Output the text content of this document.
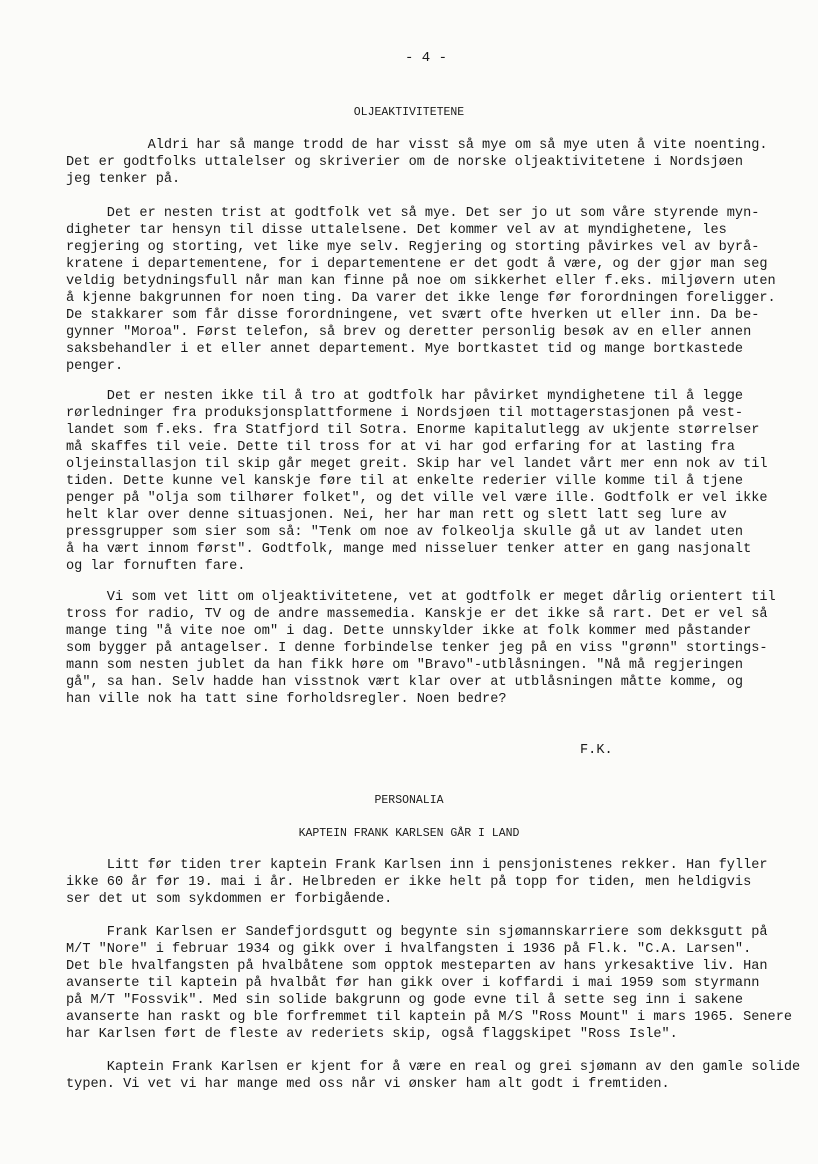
- 4 -
OLJEAKTIVITETENE
Aldri har så mange trodd de har visst så mye om så mye uten å vite noenting.
Det er godtfolks uttalelser og skriverier om de norske oljeaktivitetene i Nordsjøen
jeg tenker på.
Det er nesten trist at godtfolk vet så mye. Det ser jo ut som våre styrende myn-
digheter tar hensyn til disse uttalelsene. Det kommer vel av at myndighetene, les
regjering og storting, vet like mye selv. Regjering og storting påvirkes vel av byrå-
kratene i departementene, for i departementene er det godt å være, og der gjør man seg
veldig betydningsfull når man kan finne på noe om sikkerhet eller f.eks. miljøvern uten
å kjenne bakgrunnen for noen ting. Da varer det ikke lenge før forordningen foreligger.
De stakkarer som får disse forordningene, vet svært ofte hverken ut eller inn. Da be-
gynner "Moroa". Først telefon, så brev og deretter personlig besøk av en eller annen
saksbehandler i et eller annet departement. Mye bortkastet tid og mange bortkastede
penger.
Det er nesten ikke til å tro at godtfolk har påvirket myndighetene til å legge
rørledninger fra produksjonsplattformene i Nordsjøen til mottagerstasjonen på vest-
landet som f.eks. fra Statfjord til Sotra. Enorme kapitalutlegg av ukjente størrelser
må skaffes til veie. Dette til tross for at vi har god erfaring for at lasting fra
oljeinstallasjon til skip går meget greit. Skip har vel landet vårt mer enn nok av til
tiden. Dette kunne vel kanskje føre til at enkelte rederier ville komme til å tjene
penger på "olja som tilhører folket", og det ville vel være ille. Godtfolk er vel ikke
helt klar over denne situasjonen. Nei, her har man rett og slett latt seg lure av
pressgrupper som sier som så: "Tenk om noe av folkeolja skulle gå ut av landet uten
å ha vært innom først". Godtfolk, mange med nisseluer tenker atter en gang nasjonalt
og lar fornuften fare.
Vi som vet litt om oljeaktivitetene, vet at godtfolk er meget dårlig orientert til
tross for radio, TV og de andre massemedia. Kanskje er det ikke så rart. Det er vel så
mange ting "å vite noe om" i dag. Dette unnskylder ikke at folk kommer med påstander
som bygger på antagelser. I denne forbindelse tenker jeg på en viss "grønn" stortings-
mann som nesten jublet da han fikk høre om "Bravo"-utblåsningen. "Nå må regjeringen
gå", sa han. Selv hadde han visstnok vært klar over at utblåsningen måtte komme, og
han ville nok ha tatt sine forholdsregler. Noen bedre?
F.K.
PERSONALIA
KAPTEIN FRANK KARLSEN GÅR I LAND
Litt før tiden trer kaptein Frank Karlsen inn i pensjonistenes rekker. Han fyller
ikke 60 år før 19. mai i år. Helbreden er ikke helt på topp for tiden, men heldigvis
ser det ut som sykdommen er forbigående.
Frank Karlsen er Sandefjordsgutt og begynte sin sjømannskarriere som dekksgutt på
M/T "Nore" i februar 1934 og gikk over i hvalfangsten i 1936 på Fl.k. "C.A. Larsen".
Det ble hvalfangsten på hvalbåtene som opptok mesteparten av hans yrkesaktive liv. Han
avanserte til kaptein på hvalbåt før han gikk over i koffardi i mai 1959 som styrmann
på M/T "Fossvik". Med sin solide bakgrunn og gode evne til å sette seg inn i sakene
avanserte han raskt og ble forfremmet til kaptein på M/S "Ross Mount" i mars 1965. Senere
har Karlsen ført de fleste av rederiets skip, også flaggskipet "Ross Isle".
Kaptein Frank Karlsen er kjent for å være en real og grei sjømann av den gamle solide
typen. Vi vet vi har mange med oss når vi ønsker ham alt godt i fremtiden.
